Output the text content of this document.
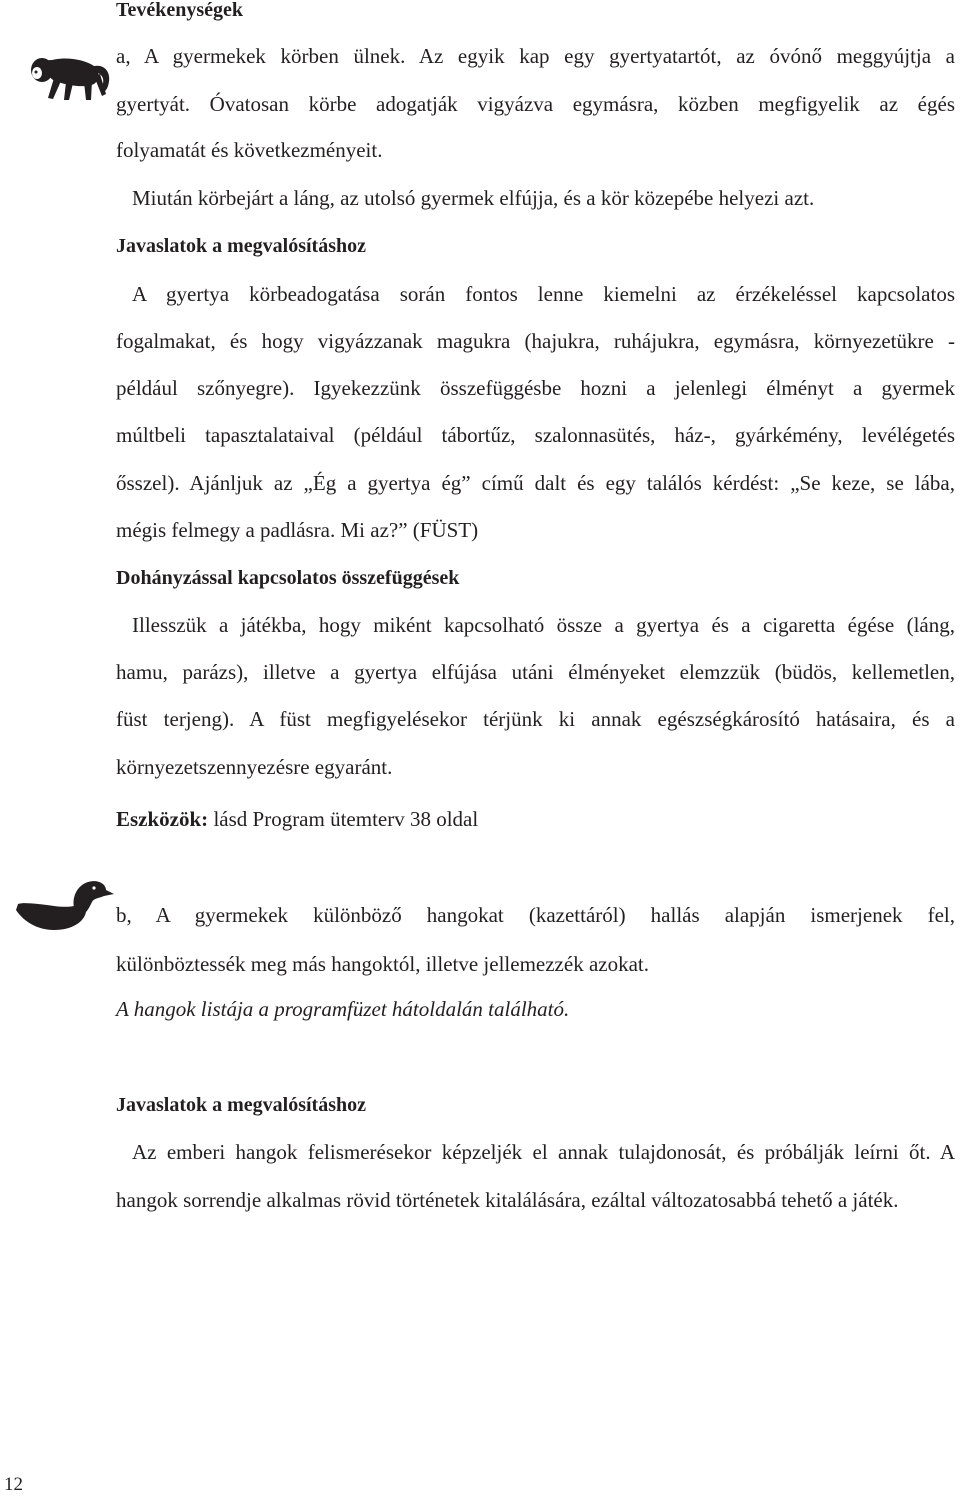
Tevékenységek
a, A gyermekek körben ülnek. Az egyik kap egy gyertyatartót, az óvónő meggyújtja a
gyertyát. Óvatosan körbe adogatják vigyázva egymásra, közben megfigyelik az égés
folyamatát és következményeit.
Miután körbejárt a láng, az utolsó gyermek elfújja, és a kör közepébe helyezi azt.
Javaslatok a megvalósításhoz
A gyertya körbeadogatása során fontos lenne kiemelni az érzékeléssel kapcsolatos
fogalmakat, és hogy vigyázzanak magukra (hajukra, ruhájukra, egymásra, környezetükre -
például szőnyegre). Igyekezzünk összefüggésbe hozni a jelenlegi élményt a gyermek
múltbeli tapasztalataival (például tábortűz, szalonnasütés, ház-, gyárkémény, levélégetés
ősszel). Ajánljuk az „Ég a gyertya ég” című dalt és egy találós kérdést: „Se keze, se lába,
mégis felmegy a padlásra. Mi az?” (FÜST)
Dohányzással kapcsolatos összefüggések
Illesszük a játékba, hogy miként kapcsolható össze a gyertya és a cigaretta égése (láng,
hamu, parázs), illetve a gyertya elfújása utáni élményeket elemzzük (büdös, kellemetlen,
füst terjeng). A füst megfigyelésekor térjünk ki annak egészségkárosító hatásaira, és a
környezetszennyezésre egyaránt.
Eszközök: lásd Program ütemterv 38 oldal
b, A gyermekek különböző hangokat (kazettáról) hallás alapján ismerjenek fel,
különböztessék meg más hangoktól, illetve jellemezzék azokat.
A hangok listája a programfüzet hátoldalán található.
Javaslatok a megvalósításhoz
Az emberi hangok felismerésekor képzeljék el annak tulajdonosát, és próbálják leírni őt. A
hangok sorrendje alkalmas rövid történetek kitalálására, ezáltal változatosabbá tehető a játék.
12
